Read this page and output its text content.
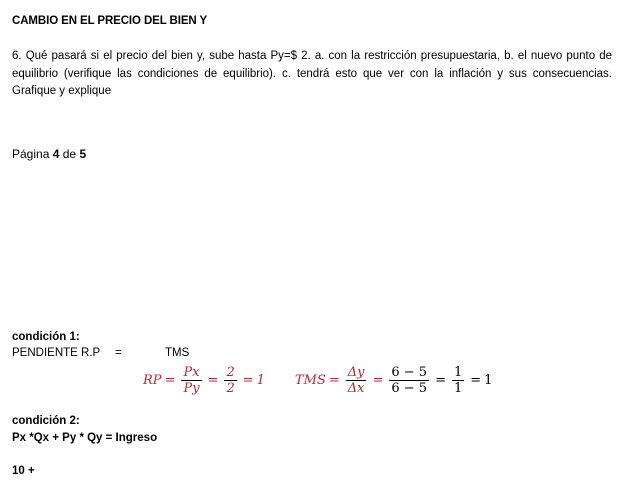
CAMBIO EN EL PRECIO DEL BIEN Y
6. Qué pasará si el precio del bien y, sube hasta Py=$ 2. a. con la restricción presupuestaria, b. el nuevo punto de equilibrio (verifique las condiciones de equilibrio). c. tendrá esto que ver con la inflación y sus consecuencias. Grafique y explique
Página 4 de 5
condición 1:
PENDIENTE R.P =	TMS
RP = $\frac{Px}{Py} = \frac{2}{2} = 1$ TMS = $\frac{\Delta y}{\Delta x} = \frac{6 - 5}{6 - 5} = \frac{1}{1} = 1$
condición 2:
Px *Qx + Py * Qy = Ingreso
10 +
